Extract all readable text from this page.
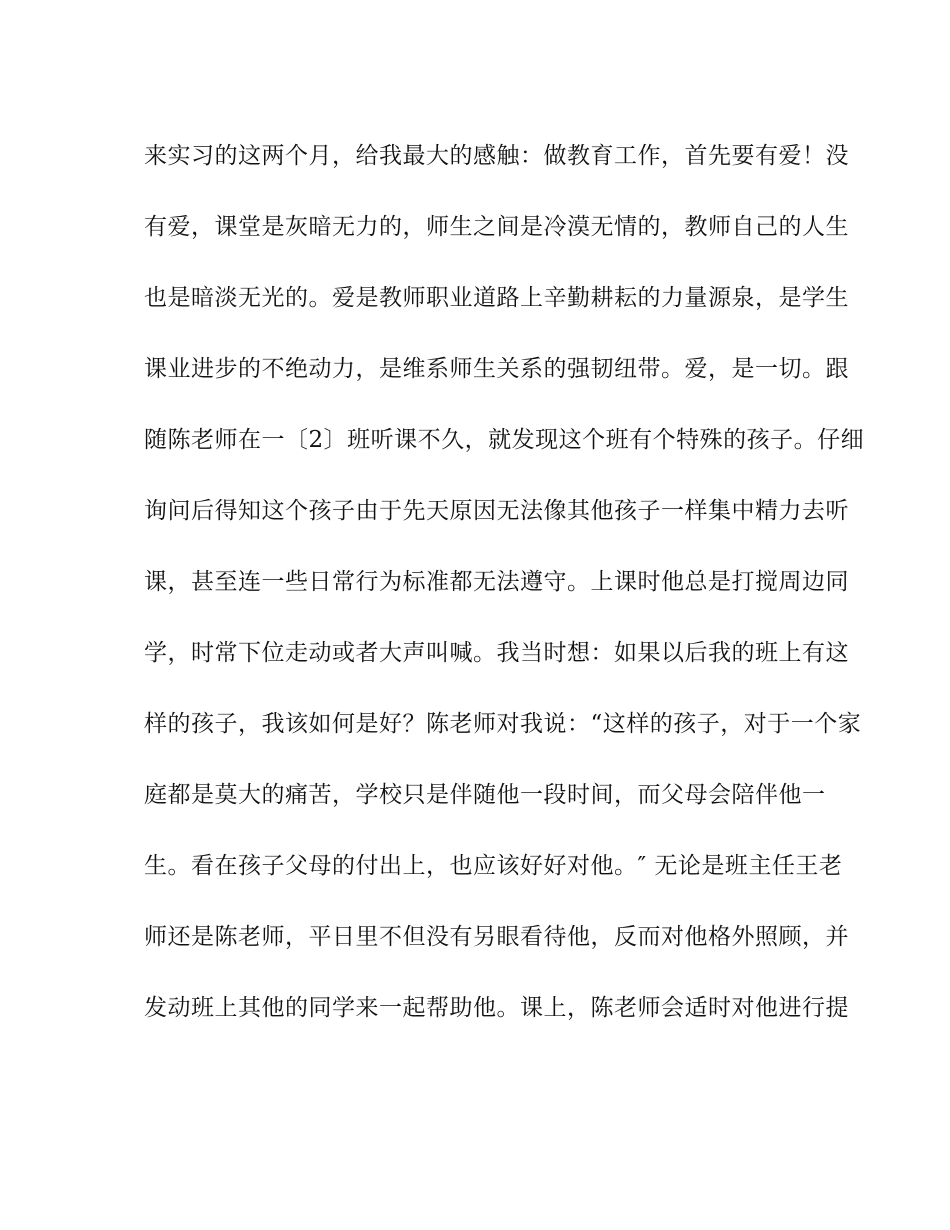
来实习的这两个月，给我最大的感触：做教育工作，首先要有爱！没
有爱，课堂是灰暗无力的，师生之间是冷漠无情的，教师自己的人生
也是暗淡无光的。爱是教师职业道路上辛勤耕耘的力量源泉，是学生
课业进步的不绝动力，是维系师生关系的强韧纽带。爱，是一切。跟
随陈老师在一〔2〕班听课不久，就发现这个班有个特殊的孩子。仔细
询问后得知这个孩子由于先天原因无法像其他孩子一样集中精力去听
课，甚至连一些日常行为标准都无法遵守。上课时他总是打搅周边同
学，时常下位走动或者大声叫喊。我当时想：如果以后我的班上有这
样的孩子，我该如何是好？陈老师对我说：“这样的孩子，对于一个家
庭都是莫大的痛苦，学校只是伴随他一段时间，而父母会陪伴他一
生。看在孩子父母的付出上，也应该好好对他。″ 无论是班主任王老
师还是陈老师，平日里不但没有另眼看待他，反而对他格外照顾，并
发动班上其他的同学来一起帮助他。课上，陈老师会适时对他进行提
